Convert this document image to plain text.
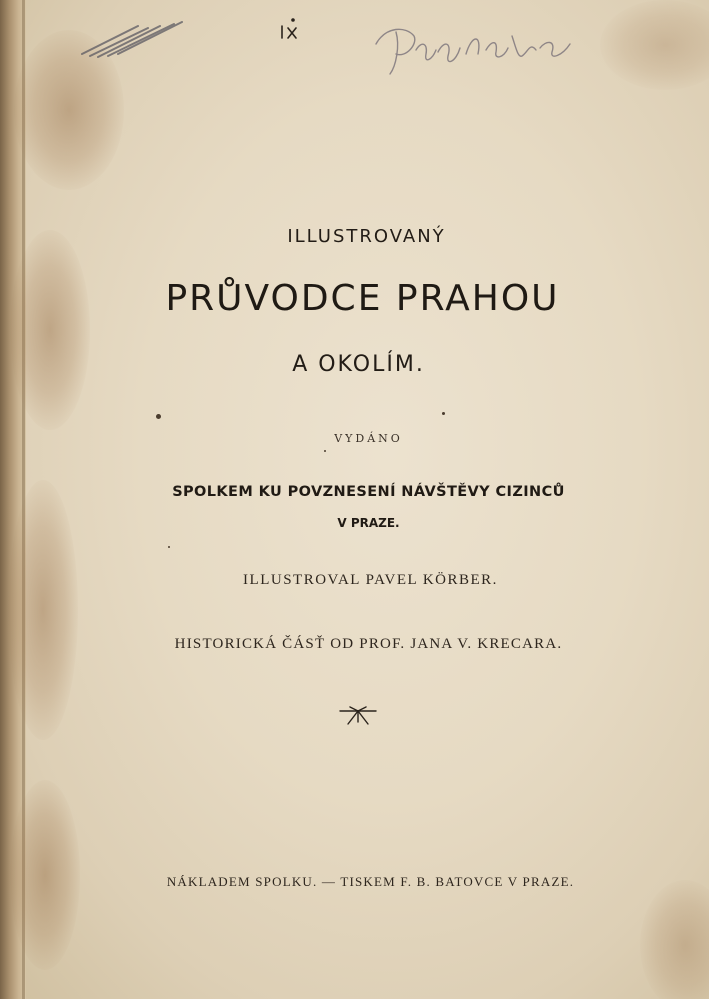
ILLUSTROVANÝ
PRŮVODCE PRAHOU
A OKOLÍM.
VYDÁNO
SPOLKEM KU POVZNESENÍ NÁVŠTĚVY CIZINCŮ
V PRAZE.
ILLUSTROVAL PAVEL KÖRBER.
HISTORICKÁ ČÁSŤ OD PROF. JANA V. KRECARA.
NÁKLADEM SPOLKU. — TISKEM F. B. BATOVCE V PRAZE.
